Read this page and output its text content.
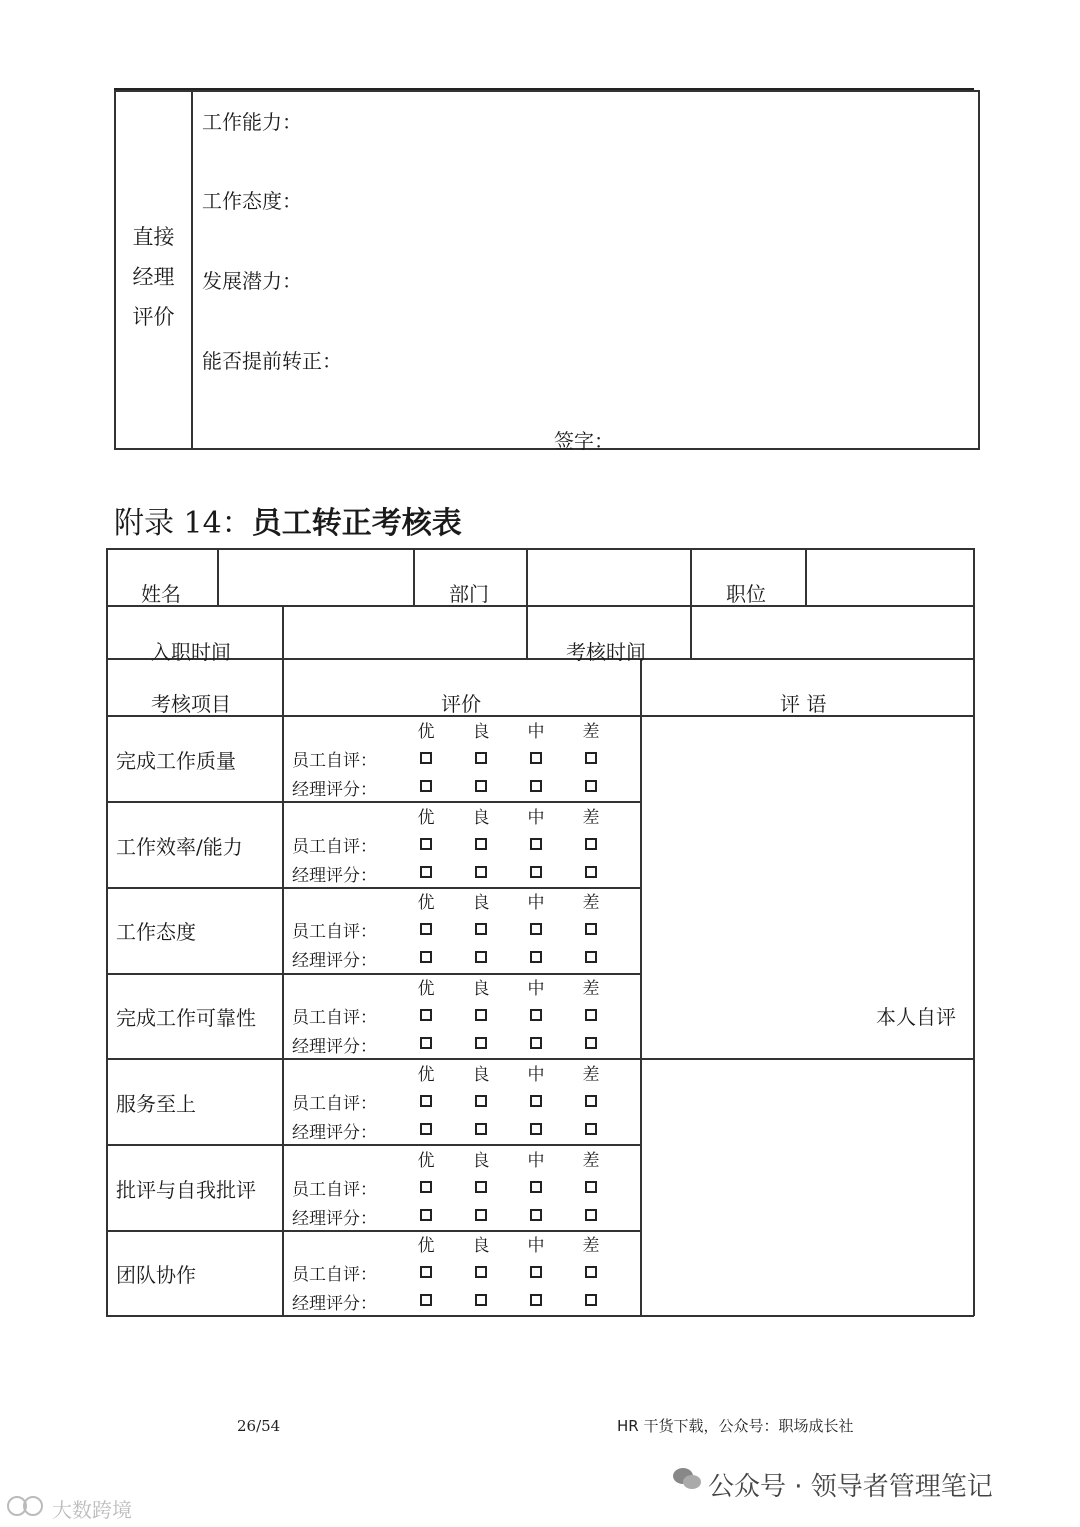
直接
经理
评价
工作能力：
工作态度：
发展潜力：
能否提前转正：
签字：
附录 14：员工转正考核表
姓名	部门	职位
入职时间	考核时间
考核项目	评价	评 语
本人自评
完成工作质量
优	良	中	差
员工自评：
经理评分：
工作效率/能力
优	良	中	差
员工自评：
经理评分：
工作态度
优	良	中	差
员工自评：
经理评分：
完成工作可靠性
优	良	中	差
员工自评：
经理评分：
服务至上
优	良	中	差
员工自评：
经理评分：
批评与自我批评
优	良	中	差
员工自评：
经理评分：
团队协作
优	良	中	差
员工自评：
经理评分：
26/54	HR 干货下载，公众号：职场成长社
公众号 · 领导者管理笔记
大数跨境
